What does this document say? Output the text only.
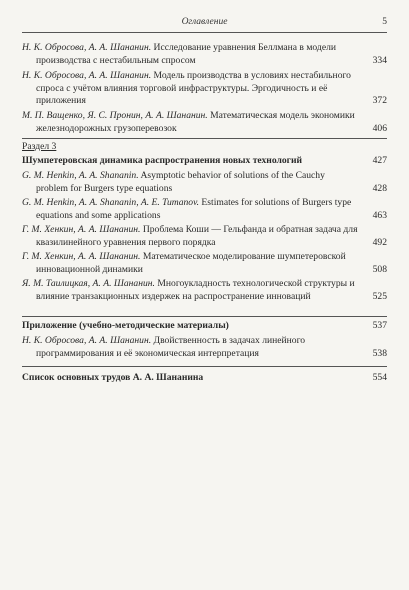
Оглавление	5
Н. К. Обросова, А. А. Шананин. Исследование уравнения Беллмана в модели производства с нестабильным спросом	334
Н. К. Обросова, А. А. Шананин. Модель производства в условиях нестабильного спроса с учётом влияния торговой инфраструктуры. Эргодичность и её приложения	372
М. П. Ващенко, Я. С. Пронин, А. А. Шананин. Математическая модель экономики железнодорожных грузоперевозок	406
Раздел 3
Шумпетеровская динамика распространения новых технологий	427
G. M. Henkin, A. A. Shananin. Asymptotic behavior of solutions of the Cauchy problem for Burgers type equations	428
G. M. Henkin, A. A. Shananin, A. E. Tumanov. Estimates for solutions of Burgers type equations and some applications	463
Г. М. Хенкин, А. А. Шананин. Проблема Коши — Гельфанда и обратная задача для квазилинейного уравнения первого порядка	492
Г. М. Хенкин, А. А. Шананин. Математическое моделирование шумпетеровской инновационной динамики	508
Я. М. Таилицкая, А. А. Шананин. Многоукладность технологической структуры и влияние транзакционных издержек на распространение инноваций	525
Приложение (учебно-методические материалы)	537
Н. К. Обросова, А. А. Шананин. Двойственность в задачах линейного программирования и её экономическая интерпретация	538
Список основных трудов А. А. Шананина	554
